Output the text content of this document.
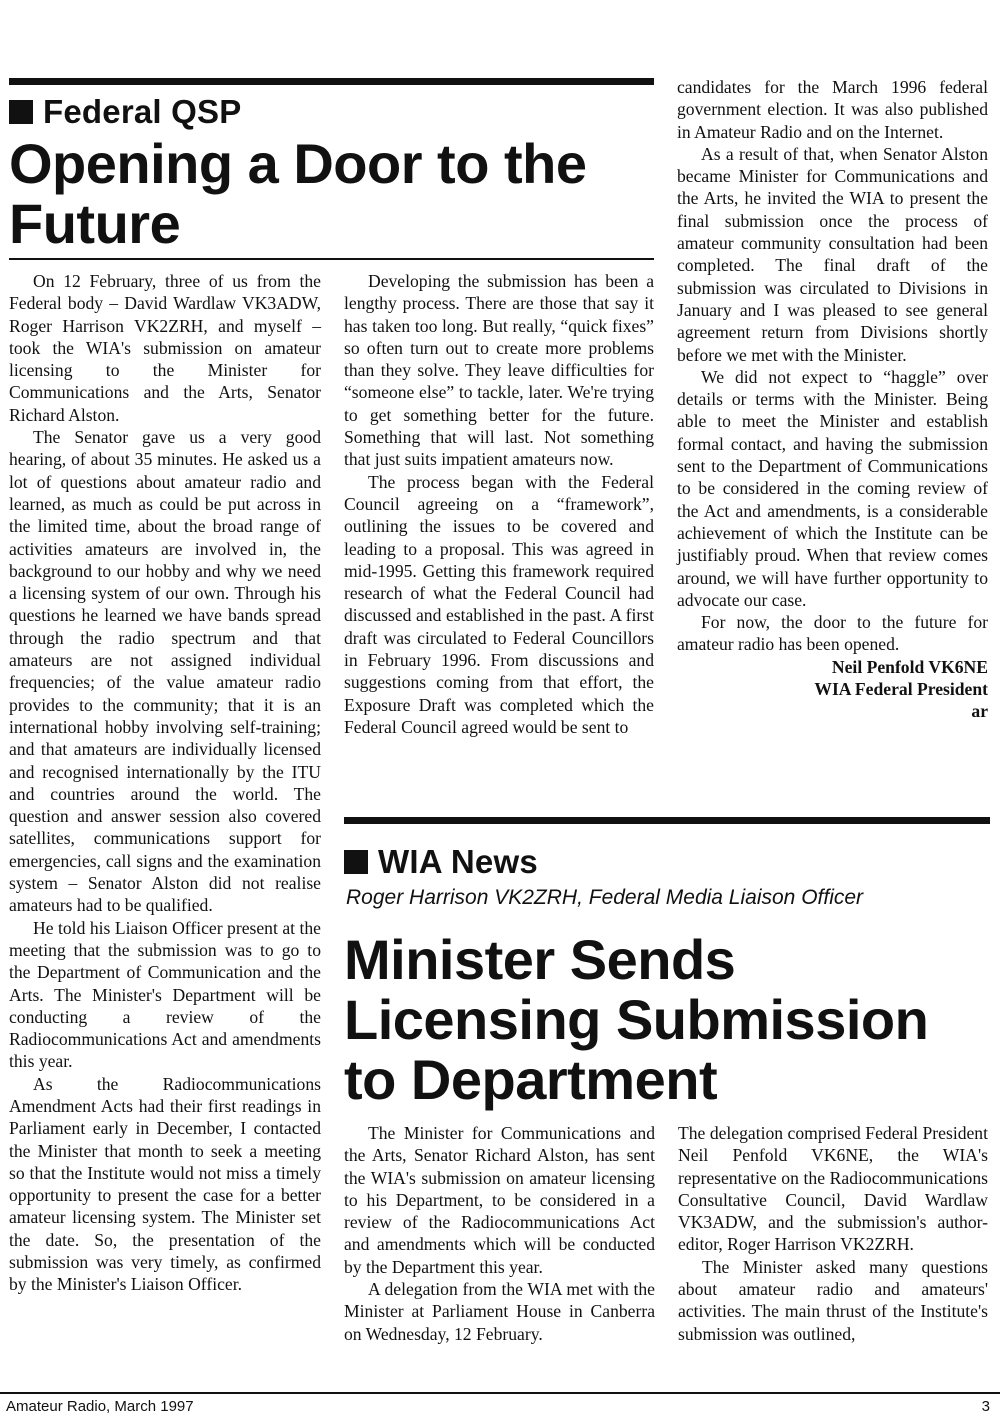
Federal QSP
Opening a Door to the
Future

On 12 February, three of us from the Federal body – David Wardlaw VK3ADW, Roger Harrison VK2ZRH, and myself – took the WIA's submission on amateur licensing to the Minister for Communications and the Arts, Senator Richard Alston.

The Senator gave us a very good hearing, of about 35 minutes. He asked us a lot of questions about amateur radio and learned, as much as could be put across in the limited time, about the broad range of activities amateurs are involved in, the background to our hobby and why we need a licensing system of our own. Through his questions he learned we have bands spread through the radio spectrum and that amateurs are not assigned individual frequencies; of the value amateur radio provides to the community; that it is an international hobby involving self-training; and that amateurs are individually licensed and recognised internationally by the ITU and countries around the world. The question and answer session also covered satellites, communications support for emergencies, call signs and the examination system – Senator Alston did not realise amateurs had to be qualified.

He told his Liaison Officer present at the meeting that the submission was to go to the Department of Communication and the Arts. The Minister's Department will be conducting a review of the Radiocommunications Act and amendments this year.

As the Radiocommunications Amendment Acts had their first readings in Parliament early in December, I contacted the Minister that month to seek a meeting so that the Institute would not miss a timely opportunity to present the case for a better amateur licensing system. The Minister set the date. So, the presentation of the submission was very timely, as confirmed by the Minister's Liaison Officer.

Developing the submission has been a lengthy process. There are those that say it has taken too long. But really, “quick fixes” so often turn out to create more problems than they solve. They leave difficulties for “someone else” to tackle, later. We're trying to get something better for the future. Something that will last. Not something that just suits impatient amateurs now.

The process began with the Federal Council agreeing on a “framework”, outlining the issues to be covered and leading to a proposal. This was agreed in mid-1995. Getting this framework required research of what the Federal Council had discussed and established in the past. A first draft was circulated to Federal Councillors in February 1996. From discussions and suggestions coming from that effort, the Exposure Draft was completed which the Federal Council agreed would be sent to

candidates for the March 1996 federal government election. It was also published in Amateur Radio and on the Internet.

As a result of that, when Senator Alston became Minister for Communications and the Arts, he invited the WIA to present the final submission once the process of amateur community consultation had been completed. The final draft of the submission was circulated to Divisions in January and I was pleased to see general agreement return from Divisions shortly before we met with the Minister.

We did not expect to “haggle” over details or terms with the Minister. Being able to meet the Minister and establish formal contact, and having the submission sent to the Department of Communications to be considered in the coming review of the Act and amendments, is a considerable achievement of which the Institute can be justifiably proud. When that review comes around, we will have further opportunity to advocate our case.

For now, the door to the future for amateur radio has been opened.

Neil Penfold VK6NE
WIA Federal President
ar
WIA News
Roger Harrison VK2ZRH, Federal Media Liaison Officer
Minister Sends
Licensing Submission
to Department

The Minister for Communications and the Arts, Senator Richard Alston, has sent the WIA's submission on amateur licensing to his Department, to be considered in a review of the Radiocommunications Act and amendments which will be conducted by the Department this year.

A delegation from the WIA met with the Minister at Parliament House in Canberra on Wednesday, 12 February.

The delegation comprised Federal President Neil Penfold VK6NE, the WIA's representative on the Radiocommunications Consultative Council, David Wardlaw VK3ADW, and the submission's author-editor, Roger Harrison VK2ZRH.

The Minister asked many questions about amateur radio and amateurs' activities. The main thrust of the Institute's submission was outlined,

Amateur Radio, March 1997	3
